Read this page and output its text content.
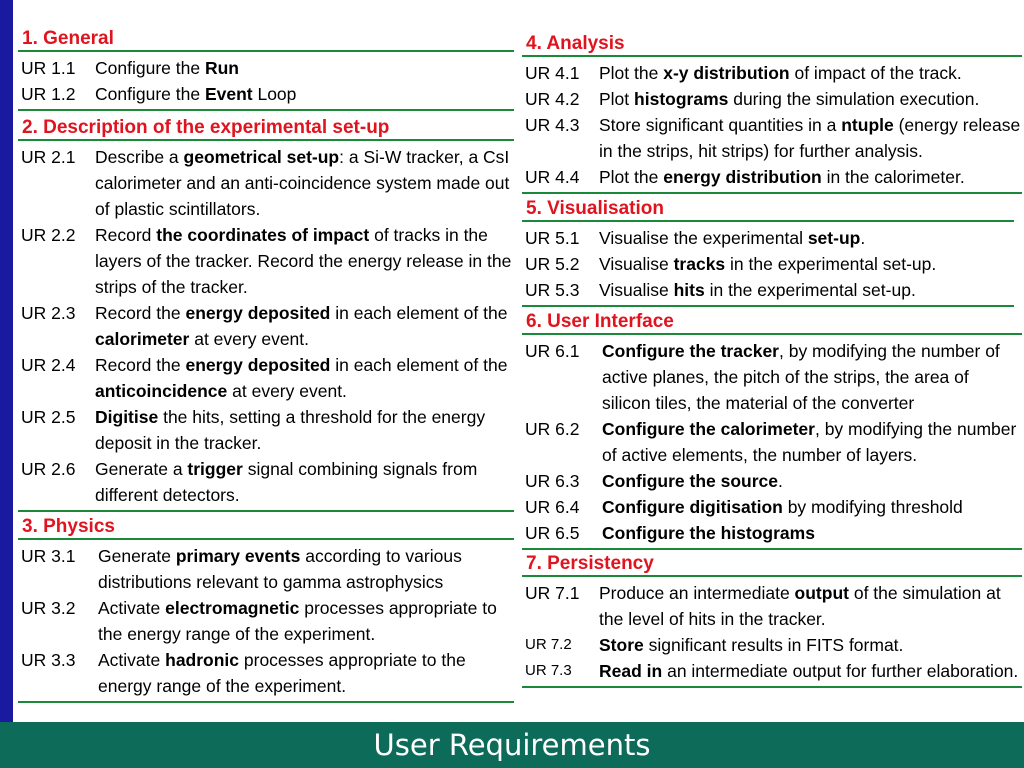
1. General
UR 1.1	Configure the Run
UR 1.2	Configure the Event Loop
2. Description of the experimental set-up
UR 2.1	Describe a geometrical set-up: a Si-W tracker, a CsI calorimeter and an anti-coincidence system made out of plastic scintillators.
UR 2.2	Record the coordinates of impact of tracks in the layers of the tracker. Record the energy release in the strips of the tracker.
UR 2.3	Record the energy deposited in each element of the calorimeter at every event.
UR 2.4	Record the energy deposited in each element of the anticoincidence at every event.
UR 2.5	Digitise the hits, setting a threshold for the energy deposit in the tracker.
UR 2.6	Generate a trigger signal combining signals from different detectors.
3. Physics
UR 3.1	Generate primary events according to various distributions relevant to gamma astrophysics
UR 3.2	Activate electromagnetic processes appropriate to the energy range of the experiment.
UR 3.3	Activate hadronic processes appropriate to the energy range of the experiment.
4. Analysis
UR 4.1	Plot the x-y distribution of impact of the track.
UR 4.2	Plot histograms during the simulation execution.
UR 4.3	Store significant quantities in a ntuple (energy release in the strips, hit strips) for further analysis.
UR 4.4	Plot the energy distribution in the calorimeter.
5. Visualisation
UR 5.1	Visualise the experimental set-up.
UR 5.2	Visualise tracks in the experimental set-up.
UR 5.3	Visualise hits in the experimental set-up.
6. User Interface
UR 6.1	Configure the tracker, by modifying the number of active planes, the pitch of the strips, the area of silicon tiles, the material of the converter
UR 6.2	Configure the calorimeter, by modifying the number of active elements, the number of layers.
UR 6.3	Configure the source.
UR 6.4	Configure digitisation by modifying threshold
UR 6.5	Configure the histograms
7. Persistency
UR 7.1	Produce an intermediate output of the simulation at the level of hits in the tracker.
UR 7.2	Store significant results in FITS format.
UR 7.3	Read in an intermediate output for further elaboration.
User Requirements
